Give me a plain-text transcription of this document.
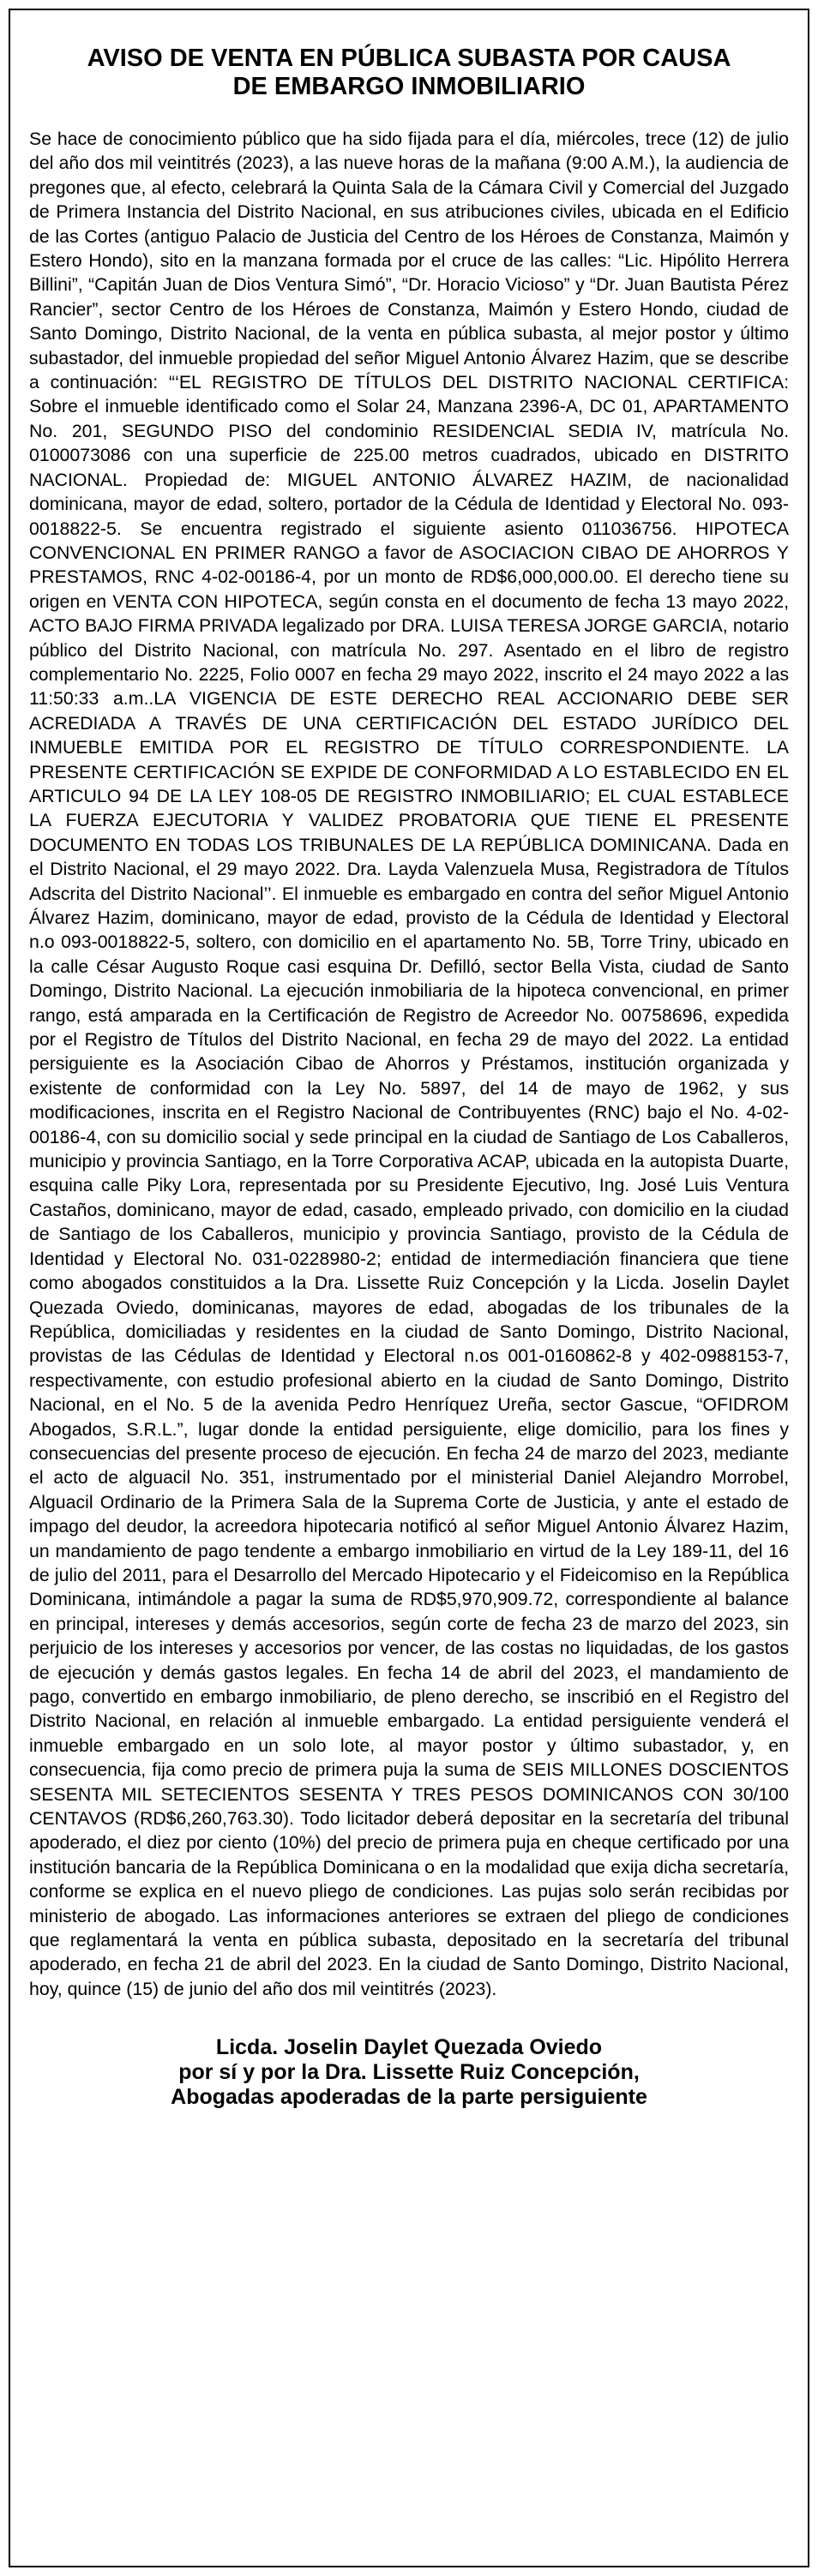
AVISO DE VENTA EN PÚBLICA SUBASTA POR CAUSA
DE EMBARGO INMOBILIARIO

Se hace de conocimiento público que ha sido fijada para el día, miércoles, trece (12) de julio del año dos mil veintitrés (2023), a las nueve horas de la mañana (9:00 A.M.), la audiencia de pregones que, al efecto, celebrará la Quinta Sala de la Cámara Civil y Comercial del Juzgado de Primera Instancia del Distrito Nacional, en sus atribuciones civiles, ubicada en el Edificio de las Cortes (antiguo Palacio de Justicia del Centro de los Héroes de Constanza, Maimón y Estero Hondo), sito en la manzana formada por el cruce de las calles: “Lic. Hipólito Herrera Billini”, “Capitán Juan de Dios Ventura Simó”, “Dr. Horacio Vicioso” y “Dr. Juan Bautista Pérez Rancier”, sector Centro de los Héroes de Constanza, Maimón y Estero Hondo, ciudad de Santo Domingo, Distrito Nacional, de la venta en pública subasta, al mejor postor y último subastador, del inmueble propiedad del señor Miguel Antonio Álvarez Hazim, que se describe a continuación: “‘EL REGISTRO DE TÍTULOS DEL DISTRITO NACIONAL CERTIFICA: Sobre el inmueble identificado como el Solar 24, Manzana 2396-A, DC 01, APARTAMENTO No. 201, SEGUNDO PISO del condominio RESIDENCIAL SEDIA IV, matrícula No. 0100073086 con una superficie de 225.00 metros cuadrados, ubicado en DISTRITO NACIONAL. Propiedad de: MIGUEL ANTONIO ÁLVAREZ HAZIM, de nacionalidad dominicana, mayor de edad, soltero, portador de la Cédula de Identidad y Electoral No. 093-0018822-5. Se encuentra registrado el siguiente asiento 011036756. HIPOTECA CONVENCIONAL EN PRIMER RANGO a favor de ASOCIACION CIBAO DE AHORROS Y PRESTAMOS, RNC 4-02-00186-4, por un monto de RD$6,000,000.00. El derecho tiene su origen en VENTA CON HIPOTECA, según consta en el documento de fecha 13 mayo 2022, ACTO BAJO FIRMA PRIVADA legalizado por DRA. LUISA TERESA JORGE GARCIA, notario público del Distrito Nacional, con matrícula No. 297. Asentado en el libro de registro complementario No. 2225, Folio 0007 en fecha 29 mayo 2022, inscrito el 24 mayo 2022 a las 11:50:33 a.m..LA VIGENCIA DE ESTE DERECHO REAL ACCIONARIO DEBE SER ACREDIADA A TRAVÉS DE UNA CERTIFICACIÓN DEL ESTADO JURÍDICO DEL INMUEBLE EMITIDA POR EL REGISTRO DE TÍTULO CORRESPONDIENTE. LA PRESENTE CERTIFICACIÓN SE EXPIDE DE CONFORMIDAD A LO ESTABLECIDO EN EL ARTICULO 94 DE LA LEY 108-05 DE REGISTRO INMOBILIARIO; EL CUAL ESTABLECE LA FUERZA EJECUTORIA Y VALIDEZ PROBATORIA QUE TIENE EL PRESENTE DOCUMENTO EN TODAS LOS TRIBUNALES DE LA REPÚBLICA DOMINICANA. Dada en el Distrito Nacional, el 29 mayo 2022. Dra. Layda Valenzuela Musa, Registradora de Títulos Adscrita del Distrito Nacional’’. El inmueble es embargado en contra del señor Miguel Antonio Álvarez Hazim, dominicano, mayor de edad, provisto de la Cédula de Identidad y Electoral n.o 093-0018822-5, soltero, con domicilio en el apartamento No. 5B, Torre Triny, ubicado en la calle César Augusto Roque casi esquina Dr. Defilló, sector Bella Vista, ciudad de Santo Domingo, Distrito Nacional. La ejecución inmobiliaria de la hipoteca convencional, en primer rango, está amparada en la Certificación de Registro de Acreedor No. 00758696, expedida por el Registro de Títulos del Distrito Nacional, en fecha 29 de mayo del 2022. La entidad persiguiente es la Asociación Cibao de Ahorros y Préstamos, institución organizada y existente de conformidad con la Ley No. 5897, del 14 de mayo de 1962, y sus modificaciones, inscrita en el Registro Nacional de Contribuyentes (RNC) bajo el No. 4-02-00186-4, con su domicilio social y sede principal en la ciudad de Santiago de Los Caballeros, municipio y provincia Santiago, en la Torre Corporativa ACAP, ubicada en la autopista Duarte, esquina calle Piky Lora, representada por su Presidente Ejecutivo, Ing. José Luis Ventura Castaños, dominicano, mayor de edad, casado, empleado privado, con domicilio en la ciudad de Santiago de los Caballeros, municipio y provincia Santiago, provisto de la Cédula de Identidad y Electoral No. 031-0228980-2; entidad de intermediación financiera que tiene como abogados constituidos a la Dra. Lissette Ruiz Concepción y la Licda. Joselin Daylet Quezada Oviedo, dominicanas, mayores de edad, abogadas de los tribunales de la República, domiciliadas y residentes en la ciudad de Santo Domingo, Distrito Nacional, provistas de las Cédulas de Identidad y Electoral n.os 001-0160862-8 y 402-0988153-7, respectivamente, con estudio profesional abierto en la ciudad de Santo Domingo, Distrito Nacional, en el No. 5 de la avenida Pedro Henríquez Ureña, sector Gascue, “OFIDROM Abogados, S.R.L.”, lugar donde la entidad persiguiente, elige domicilio, para los fines y consecuencias del presente proceso de ejecución. En fecha 24 de marzo del 2023, mediante el acto de alguacil No. 351, instrumentado por el ministerial Daniel Alejandro Morrobel, Alguacil Ordinario de la Primera Sala de la Suprema Corte de Justicia, y ante el estado de impago del deudor, la acreedora hipotecaria notificó al señor Miguel Antonio Álvarez Hazim, un mandamiento de pago tendente a embargo inmobiliario en virtud de la Ley 189-11, del 16 de julio del 2011, para el Desarrollo del Mercado Hipotecario y el Fideicomiso en la República Dominicana, intimándole a pagar la suma de RD$5,970,909.72, correspondiente al balance en principal, intereses y demás accesorios, según corte de fecha 23 de marzo del 2023, sin perjuicio de los intereses y accesorios por vencer, de las costas no liquidadas, de los gastos de ejecución y demás gastos legales. En fecha 14 de abril del 2023, el mandamiento de pago, convertido en embargo inmobiliario, de pleno derecho, se inscribió en el Registro del Distrito Nacional, en relación al inmueble embargado. La entidad persiguiente venderá el inmueble embargado en un solo lote, al mayor postor y último subastador, y, en consecuencia, fija como precio de primera puja la suma de SEIS MILLONES DOSCIENTOS SESENTA MIL SETECIENTOS SESENTA Y TRES PESOS DOMINICANOS CON 30/100 CENTAVOS (RD$6,260,763.30). Todo licitador deberá depositar en la secretaría del tribunal apoderado, el diez por ciento (10%) del precio de primera puja en cheque certificado por una institución bancaria de la República Dominicana o en la modalidad que exija dicha secretaría, conforme se explica en el nuevo pliego de condiciones. Las pujas solo serán recibidas por ministerio de abogado. Las informaciones anteriores se extraen del pliego de condiciones que reglamentará la venta en pública subasta, depositado en la secretaría del tribunal apoderado, en fecha 21 de abril del 2023. En la ciudad de Santo Domingo, Distrito Nacional, hoy, quince (15) de junio del año dos mil veintitrés (2023).

Licda. Joselin Daylet Quezada Oviedo
por sí y por la Dra. Lissette Ruiz Concepción,
Abogadas apoderadas de la parte persiguiente
